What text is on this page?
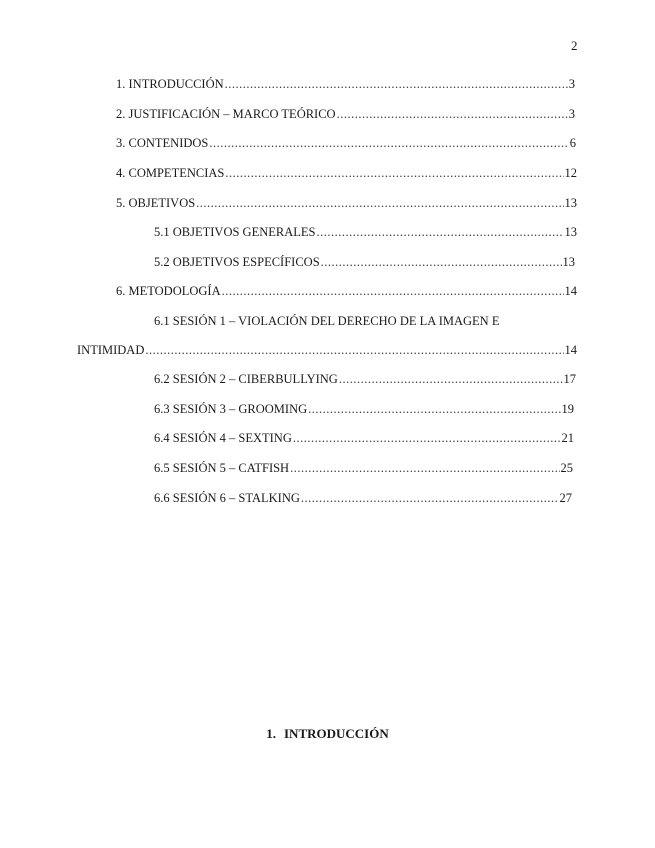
2
1. INTRODUCCIÓN .....	3
2. JUSTIFICACIÓN – MARCO TEÓRICO .....	3
3. CONTENIDOS .....	6
4. COMPETENCIAS .....	12
5. OBJETIVOS .....	13
5.1 OBJETIVOS GENERALES .....	13
5.2 OBJETIVOS ESPECÍFICOS .....	13
6. METODOLOGÍA .....	14
6.1 SESIÓN 1 – VIOLACIÓN DEL DERECHO DE LA IMAGEN E
INTIMIDAD .....	14
6.2 SESIÓN 2 – CIBERBULLYING .....	17
6.3 SESIÓN 3 – GROOMING .....	19
6.4 SESIÓN 4 – SEXTING .....	21
6.5 SESIÓN 5 – CATFISH .....	25
6.6 SESIÓN 6 – STALKING .....	27
1. INTRODUCCIÓN
